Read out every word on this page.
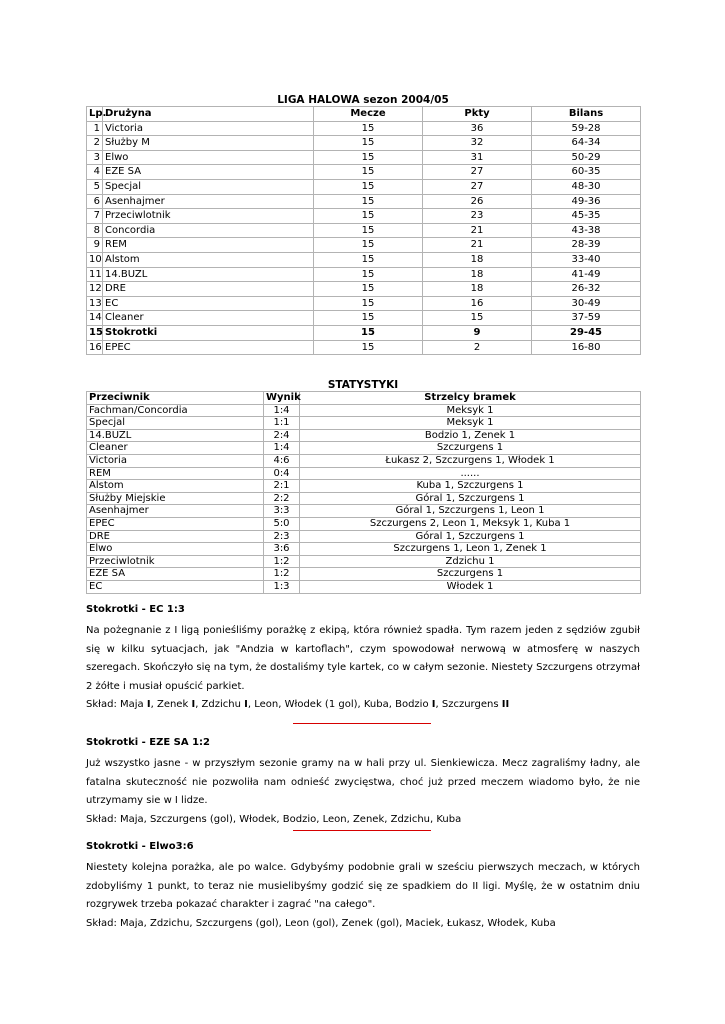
LIGA HALOWA sezon 2004/05
Lp.	Drużyna	Mecze	Pkty	Bilans
1	Victoria	15	36	59-28
2	Służby M	15	32	64-34
3	Elwo	15	31	50-29
4	EZE SA	15	27	60-35
5	Specjal	15	27	48-30
6	Asenhajmer	15	26	49-36
7	Przeciwlotnik	15	23	45-35
8	Concordia	15	21	43-38
9	REM	15	21	28-39
10	Alstom	15	18	33-40
11	14.BUZL	15	18	41-49
12	DRE	15	18	26-32
13	EC	15	16	30-49
14	Cleaner	15	15	37-59
15	Stokrotki	15	9	29-45
16	EPEC	15	2	16-80
STATYSTYKI
Przeciwnik	Wynik	Strzelcy bramek
Fachman/Concordia	1:4	Meksyk 1
Specjal	1:1	Meksyk 1
14.BUZL	2:4	Bodzio 1, Zenek 1
Cleaner	1:4	Szczurgens 1
Victoria	4:6	Łukasz 2, Szczurgens 1, Włodek 1
REM	0:4	......
Alstom	2:1	Kuba 1, Szczurgens 1
Służby Miejskie	2:2	Góral 1, Szczurgens 1
Asenhajmer	3:3	Góral 1, Szczurgens 1, Leon 1
EPEC	5:0	Szczurgens 2, Leon 1, Meksyk 1, Kuba 1
DRE	2:3	Góral 1, Szczurgens 1
Elwo	3:6	Szczurgens 1, Leon 1, Zenek 1
Przeciwlotnik	1:2	Zdzichu 1
EZE SA	1:2	Szczurgens 1
EC	1:3	Włodek 1
Stokrotki - EC 1:3
Na pożegnanie z I ligą ponieśliśmy porażkę z ekipą, która również spadła. Tym razem jeden z sędziów zgubił się w kilku sytuacjach, jak "Andzia w kartoflach", czym spowodował nerwową w atmosferę w naszych szeregach. Skończyło się na tym, że dostaliśmy tyle kartek, co w całym sezonie. Niestety Szczurgens otrzymał 2 żółte i musiał opuścić parkiet.
Skład: Maja I, Zenek I, Zdzichu I, Leon, Włodek (1 gol), Kuba, Bodzio I, Szczurgens II
Stokrotki - EZE SA 1:2
Już wszystko jasne - w przyszłym sezonie gramy na w hali przy ul. Sienkiewicza. Mecz zagraliśmy ładny, ale fatalna skuteczność nie pozwoliła nam odnieść zwycięstwa, choć już przed meczem wiadomo było, że nie utrzymamy sie w I lidze.
Skład: Maja, Szczurgens (gol), Włodek, Bodzio, Leon, Zenek, Zdzichu, Kuba
Stokrotki - Elwo3:6
Niestety kolejna porażka, ale po walce. Gdybyśmy podobnie grali w sześciu pierwszych meczach, w których zdobyliśmy 1 punkt, to teraz nie musielibyśmy godzić się ze spadkiem do II ligi. Myślę, że w ostatnim dniu rozgrywek trzeba pokazać charakter i zagrać "na całego".
Skład: Maja, Zdzichu, Szczurgens (gol), Leon (gol), Zenek (gol), Maciek, Łukasz, Włodek, Kuba
